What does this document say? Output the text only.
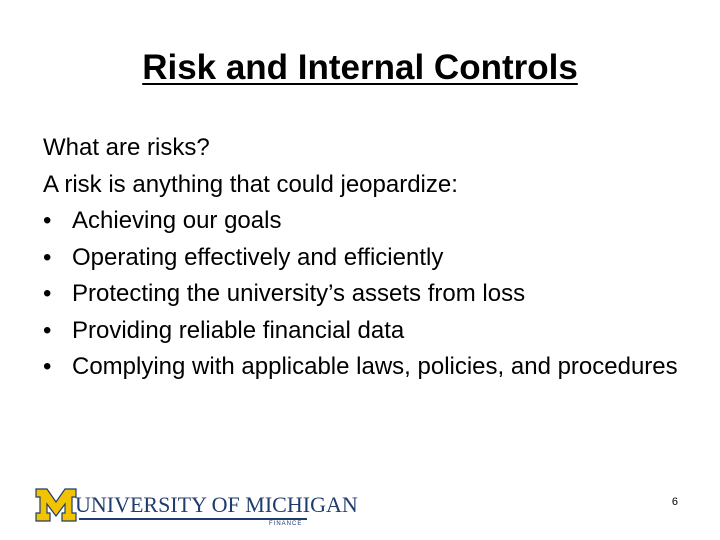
Risk and Internal Controls
What are risks?
A risk is anything that could jeopardize:
• Achieving our goals
• Operating effectively and efficiently
• Protecting the university’s assets from loss
• Providing reliable financial data
• Complying with applicable laws, policies, and procedures
UNIVERSITY OF MICHIGAN
FINANCE
6
